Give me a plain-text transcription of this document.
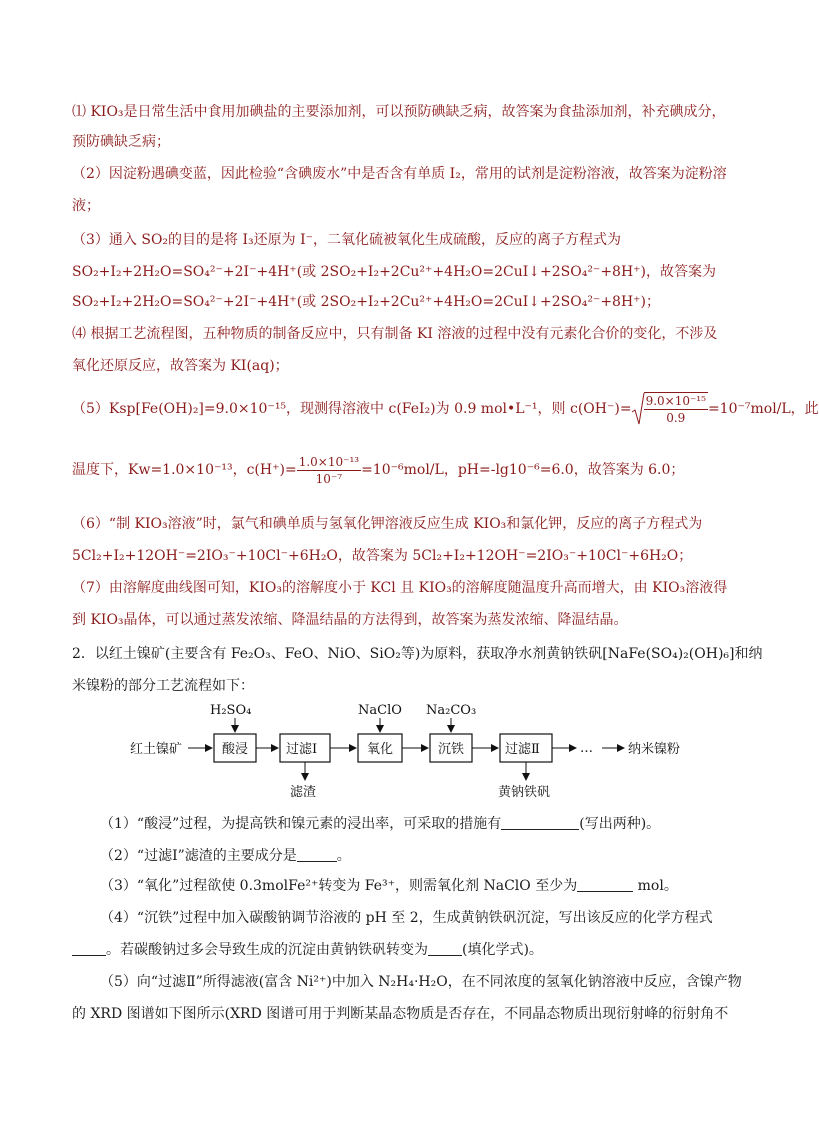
⑴ KIO₃是日常生活中食用加碘盐的主要添加剂，可以预防碘缺乏病，故答案为食盐添加剂，补充碘成分，
预防碘缺乏病；
（2）因淀粉遇碘变蓝，因此检验“含碘废水”中是否含有单质 I₂，常用的试剂是淀粉溶液，故答案为淀粉溶
液；
（3）通入 SO₂的目的是将 I₃还原为 I⁻，二氧化硫被氧化生成硫酸，反应的离子方程式为
SO₂+I₂+2H₂O=SO₄²⁻+2I⁻+4H⁺(或 2SO₂+I₂+2Cu²⁺+4H₂O=2CuI↓+2SO₄²⁻+8H⁺)，故答案为
SO₂+I₂+2H₂O=SO₄²⁻+2I⁻+4H⁺(或 2SO₂+I₂+2Cu²⁺+4H₂O=2CuI↓+2SO₄²⁻+8H⁺)；
⑷ 根据工艺流程图，五种物质的制备反应中，只有制备 KI 溶液的过程中没有元素化合价的变化，不涉及
氧化还原反应，故答案为 KI(aq)；
（5）Ksp[Fe(OH)₂]=9.0×10⁻¹⁵，现测得溶液中 c(FeI₂)为 0.9 mol•L⁻¹，则 $c(OH^-)= \frac{\text{9.0×10⁻¹⁵}}{0.9} =10^{-7}mol/L$，此
温度下，Kw=1.0×10⁻¹³，$c(H^+)= \frac{\text{1.0×10⁻¹³}}{\text{10⁻⁷}} =10^{-6}mol/L$，pH=-lg10⁻⁶=6.0，故答案为 6.0；
（6）“制 KIO₃溶液”时，氯气和碘单质与氢氧化钾溶液反应生成 KIO₃和氯化钾，反应的离子方程式为
5Cl₂+I₂+12OH⁻=2IO₃⁻+10Cl⁻+6H₂O，故答案为 5Cl₂+I₂+12OH⁻=2IO₃⁻+10Cl⁻+6H₂O；
（7）由溶解度曲线图可知，KIO₃的溶解度小于 KCl 且 KIO₃的溶解度随温度升高而增大，由 KIO₃溶液得
到 KIO₃晶体，可以通过蒸发浓缩、降温结晶的方法得到，故答案为蒸发浓缩、降温结晶。
2．以红土镍矿(主要含有 Fe₂O₃、FeO、NiO、SiO₂等)为原料，获取净水剂黄钠铁矾[NaFe(SO₄)₂(OH)₆]和纳
米镍粉的部分工艺流程如下：
红土镍矿	酸浸	过滤Ⅰ	氧化	沉铁	过滤Ⅱ	…	纳米镍粉
H₂SO₄	NaClO Na₂CO₃
滤渣	黄钠铁矾
（1）“酸浸”过程，为提高铁和镍元素的浸出率，可采取的措施有	(写出两种)。
（2）“过滤Ⅰ”滤渣的主要成分是	。
（3）“氧化”过程欲使 0.3molFe²⁺转变为 Fe³⁺，则需氧化剂 NaClO 至少为	mol。
（4）“沉铁”过程中加入碳酸钠调节浴液的 pH 至 2，生成黄钠铁矾沉淀，写出该反应的化学方程式
。若碳酸钠过多会导致生成的沉淀由黄钠铁矾转变为 (填化学式)。
（5）向“过滤Ⅱ”所得滤液(富含 Ni²⁺)中加入 N₂H₄·H₂O，在不同浓度的氢氧化钠溶液中反应，含镍产物
的 XRD 图谱如下图所示(XRD 图谱可用于判断某晶态物质是否存在，不同晶态物质出现衍射峰的衍射角不
